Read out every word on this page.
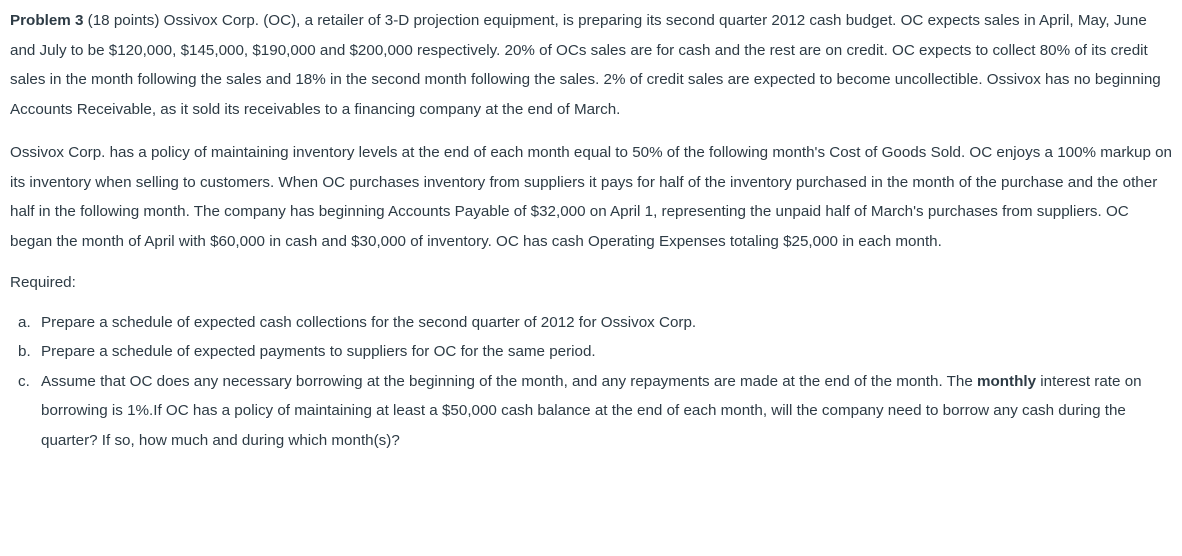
Problem 3 (18 points) Ossivox Corp. (OC), a retailer of 3-D projection equipment, is preparing its second quarter 2012 cash budget. OC expects sales in April, May, June and July to be $120,000, $145,000, $190,000 and $200,000 respectively. 20% of OCs sales are for cash and the rest are on credit. OC expects to collect 80% of its credit sales in the month following the sales and 18% in the second month following the sales. 2% of credit sales are expected to become uncollectible. Ossivox has no beginning Accounts Receivable, as it sold its receivables to a financing company at the end of March.

Ossivox Corp. has a policy of maintaining inventory levels at the end of each month equal to 50% of the following month's Cost of Goods Sold. OC enjoys a 100% markup on its inventory when selling to customers. When OC purchases inventory from suppliers it pays for half of the inventory purchased in the month of the purchase and the other half in the following month. The company has beginning Accounts Payable of $32,000 on April 1, representing the unpaid half of March's purchases from suppliers. OC began the month of April with $60,000 in cash and $30,000 of inventory. OC has cash Operating Expenses totaling $25,000 in each month.

Required:

a. Prepare a schedule of expected cash collections for the second quarter of 2012 for Ossivox Corp.
b. Prepare a schedule of expected payments to suppliers for OC for the same period.
c. Assume that OC does any necessary borrowing at the beginning of the month, and any repayments are made at the end of the month. The monthly interest rate on borrowing is 1%.If OC has a policy of maintaining at least a $50,000 cash balance at the end of each month, will the company need to borrow any cash during the quarter? If so, how much and during which month(s)?
